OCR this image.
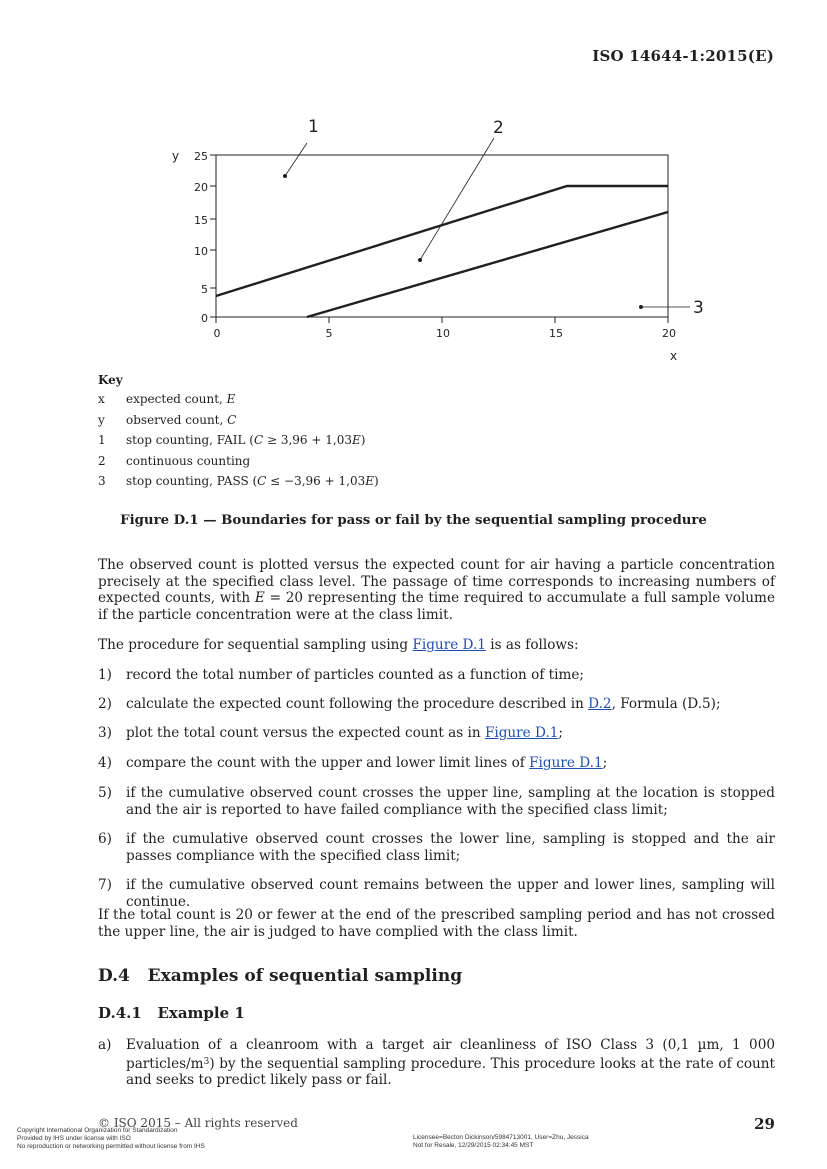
ISO 14644-1:2015(E)
25
20
15
10
5
0
y
0	5	10	15	20
x
1	2
3
Key
x	expected count, E
y	observed count, C
1	stop counting, FAIL (C ≥ 3,96 + 1,03E)
2	continuous counting
3	stop counting, PASS (C ≤ −3,96 + 1,03E)
Figure D.1 — Boundaries for pass or fail by the sequential sampling procedure
The observed count is plotted versus the expected count for air having a particle concentration precisely at the specified class level. The passage of time corresponds to increasing numbers of expected counts, with E = 20 representing the time required to accumulate a full sample volume if the particle concentration were at the class limit.
The procedure for sequential sampling using Figure D.1 is as follows:
1)	record the total number of particles counted as a function of time;
2)	calculate the expected count following the procedure described in D.2, Formula (D.5);
3)	plot the total count versus the expected count as in Figure D.1;
4)	compare the count with the upper and lower limit lines of Figure D.1;
5)	if the cumulative observed count crosses the upper line, sampling at the location is stopped and the air is reported to have failed compliance with the specified class limit;
6)	if the cumulative observed count crosses the lower line, sampling is stopped and the air passes compliance with the specified class limit;
7)	if the cumulative observed count remains between the upper and lower lines, sampling will continue.
If the total count is 20 or fewer at the end of the prescribed sampling period and has not crossed the upper line, the air is judged to have complied with the class limit.
D.4   Examples of sequential sampling
D.4.1   Example 1
a)	Evaluation of a cleanroom with a target air cleanliness of ISO Class 3 (0,1 µm, 1 000 particles/$m^3$) by the sequential sampling procedure. This procedure looks at the rate of count and seeks to predict likely pass or fail.
© ISO 2015 – All rights reserved	29
Copyright International Organization for Standardization
Provided by IHS under license with ISO
No reproduction or networking permitted without license from IHS
Licensee=Becton Dickinson/5984713001, User=Zhu, Jessica
Not for Resale, 12/29/2015 02:34:45 MST
